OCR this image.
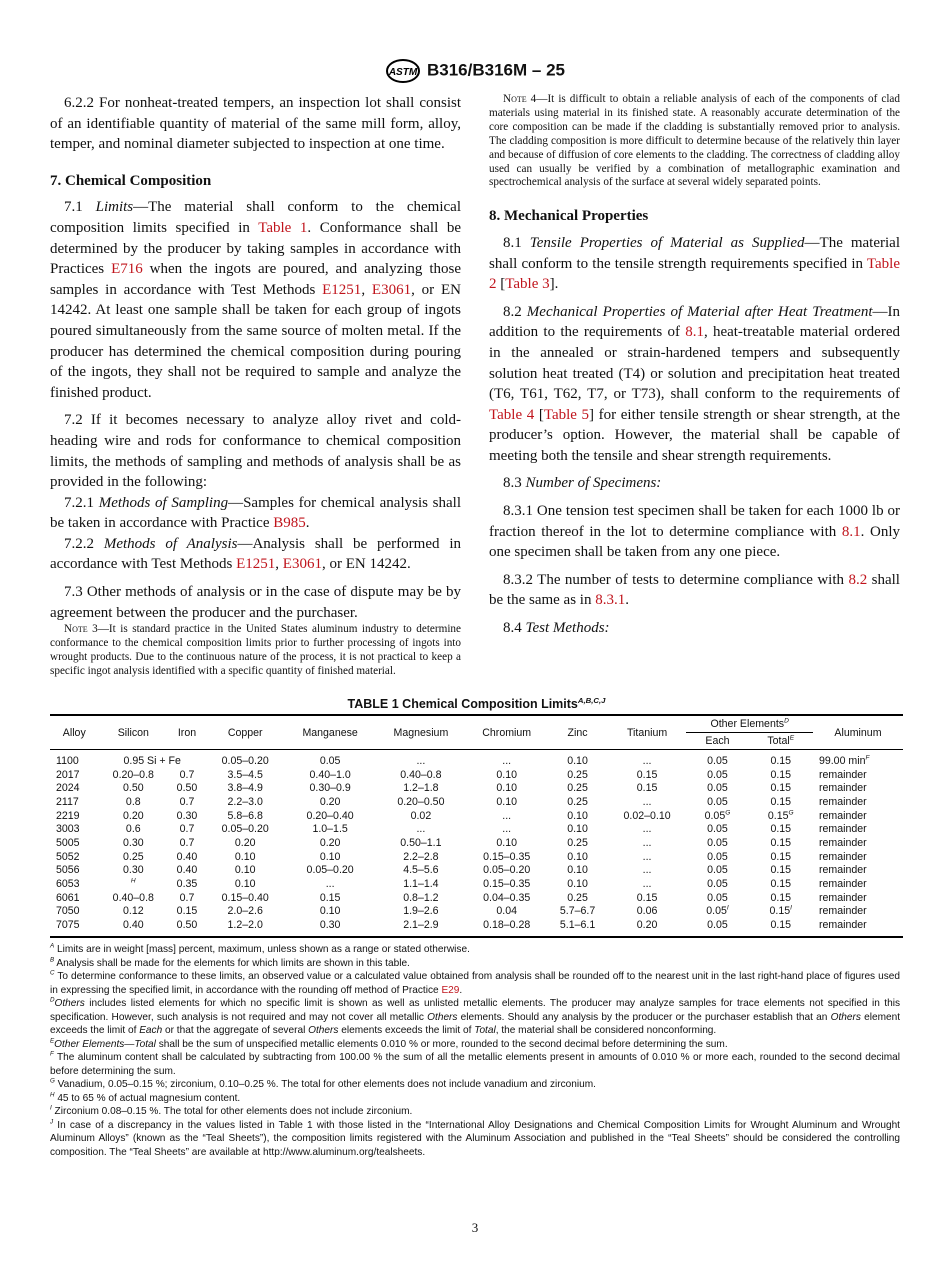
ASTM B316/B316M – 25
6.2.2 For nonheat-treated tempers, an inspection lot shall consist of an identifiable quantity of material of the same mill form, alloy, temper, and nominal diameter subjected to inspection at one time.
7. Chemical Composition
7.1 Limits—The material shall conform to the chemical composition limits specified in Table 1. Conformance shall be determined by the producer by taking samples in accordance with Practices E716 when the ingots are poured, and analyzing those samples in accordance with Test Methods E1251, E3061, or EN 14242. At least one sample shall be taken for each group of ingots poured simultaneously from the same source of molten metal. If the producer has determined the chemical composition during pouring of the ingots, they shall not be required to sample and analyze the finished product.
7.2 If it becomes necessary to analyze alloy rivet and cold-heading wire and rods for conformance to chemical composition limits, the methods of sampling and methods of analysis shall be as provided in the following:
7.2.1 Methods of Sampling—Samples for chemical analysis shall be taken in accordance with Practice B985.
7.2.2 Methods of Analysis—Analysis shall be performed in accordance with Test Methods E1251, E3061, or EN 14242.
7.3 Other methods of analysis or in the case of dispute may be by agreement between the producer and the purchaser.
Note 3—It is standard practice in the United States aluminum industry to determine conformance to the chemical composition limits prior to further processing of ingots into wrought products. Due to the continuous nature of the process, it is not practical to keep a specific ingot analysis identified with a specific quantity of finished material.
Note 4—It is difficult to obtain a reliable analysis of each of the components of clad materials using material in its finished state. A reasonably accurate determination of the core composition can be made if the cladding is substantially removed prior to analysis. The cladding composition is more difficult to determine because of the relatively thin layer and because of diffusion of core elements to the cladding. The correctness of cladding alloy used can usually be verified by a combination of metallographic examination and spectrochemical analysis of the surface at several widely separated points.
8. Mechanical Properties
8.1 Tensile Properties of Material as Supplied—The material shall conform to the tensile strength requirements specified in Table 2 [Table 3].
8.2 Mechanical Properties of Material after Heat Treatment—In addition to the requirements of 8.1, heat-treatable material ordered in the annealed or strain-hardened tempers and subsequently solution heat treated (T4) or solution and precipitation heat treated (T6, T61, T62, T7, or T73), shall conform to the requirements of Table 4 [Table 5] for either tensile strength or shear strength, at the producer’s option. However, the material shall be capable of meeting both the tensile and shear strength requirements.
8.3 Number of Specimens:
8.3.1 One tension test specimen shall be taken for each 1000 lb or fraction thereof in the lot to determine compliance with 8.1. Only one specimen shall be taken from any one piece.
8.3.2 The number of tests to determine compliance with 8.2 shall be the same as in 8.3.1.
8.4 Test Methods:
TABLE 1 Chemical Composition Limits$^{A,B,C,J}$
Alloy	Silicon	Iron	Copper	Manganese	Magnesium	Chromium	Zinc	Titanium	Other Elements$^D$		Aluminum
									Each	Total$^E$
1100	0.95 Si + Fe		0.05–0.20	0.05	...	...	0.10	...	0.05	0.15	99.00 $\min^F$
2017	0.20–0.8	0.7	3.5–4.5	0.40–1.0	0.40–0.8	0.10	0.25	0.15	0.05	0.15	remainder
2024	0.50	0.50	3.8–4.9	0.30–0.9	1.2–1.8	0.10	0.25	0.15	0.05	0.15	remainder
2117	0.8	0.7	2.2–3.0	0.20	0.20–0.50	0.10	0.25	...	0.05	0.15	remainder
2219	0.20	0.30	5.8–6.8	0.20–0.40	0.02	...	0.10	0.02–0.10	$0.05^G$	$0.15^G$	remainder
3003	0.6	0.7	0.05–0.20	1.0–1.5	...	...	0.10	...	0.05	0.15	remainder
5005	0.30	0.7	0.20	0.20	0.50–1.1	0.10	0.25	...	0.05	0.15	remainder
5052	0.25	0.40	0.10	0.10	2.2–2.8	0.15–0.35	0.10	...	0.05	0.15	remainder
5056	0.30	0.40	0.10	0.05–0.20	4.5–5.6	0.05–0.20	0.10	...	0.05	0.15	remainder
6053	$^H$	0.35	0.10	...	1.1–1.4	0.15–0.35	0.10	...	0.05	0.15	remainder
6061	0.40–0.8	0.7	0.15–0.40	0.15	0.8–1.2	0.04–0.35	0.25	0.15	0.05	0.15	remainder
7050	0.12	0.15	2.0–2.6	0.10	1.9–2.6	0.04	5.7–6.7	0.06	$0.05^I$	$0.15^I$	remainder
7075	0.40	0.50	1.2–2.0	0.30	2.1–2.9	0.18–0.28	5.1–6.1	0.20	0.05	0.15	remainder
$^A$ Limits are in weight [mass] percent, maximum, unless shown as a range or stated otherwise.
$^B$ Analysis shall be made for the elements for which limits are shown in this table.
$^C$ To determine conformance to these limits, an observed value or a calculated value obtained from analysis shall be rounded off to the nearest unit in the last right-hand place of figures used in expressing the specified limit, in accordance with the rounding off method of Practice E29.
$^D$Others includes listed elements for which no specific limit is shown as well as unlisted metallic elements. The producer may analyze samples for trace elements not specified in this specification. However, such analysis is not required and may not cover all metallic Others elements. Should any analysis by the producer or the purchaser establish that an Others element exceeds the limit of Each or that the aggregate of several Others elements exceeds the limit of Total, the material shall be considered nonconforming.
$^E$Other Elements—Total shall be the sum of unspecified metallic elements 0.010 % or more, rounded to the second decimal before determining the sum.
$^F$ The aluminum content shall be calculated by subtracting from 100.00 % the sum of all the metallic elements present in amounts of 0.010 % or more each, rounded to the second decimal before determining the sum.
$^G$ Vanadium, 0.05–0.15 %; zirconium, 0.10–0.25 %. The total for other elements does not include vanadium and zirconium.
$^H$ 45 to 65 % of actual magnesium content.
$^I$ Zirconium 0.08–0.15 %. The total for other elements does not include zirconium.
$^J$ In case of a discrepancy in the values listed in Table 1 with those listed in the “International Alloy Designations and Chemical Composition Limits for Wrought Aluminum and Wrought Aluminum Alloys” (known as the “Teal Sheets”), the composition limits registered with the Aluminum Association and published in the “Teal Sheets” should be considered the controlling composition. The “Teal Sheets” are available at http://www.aluminum.org/tealsheets.
3
